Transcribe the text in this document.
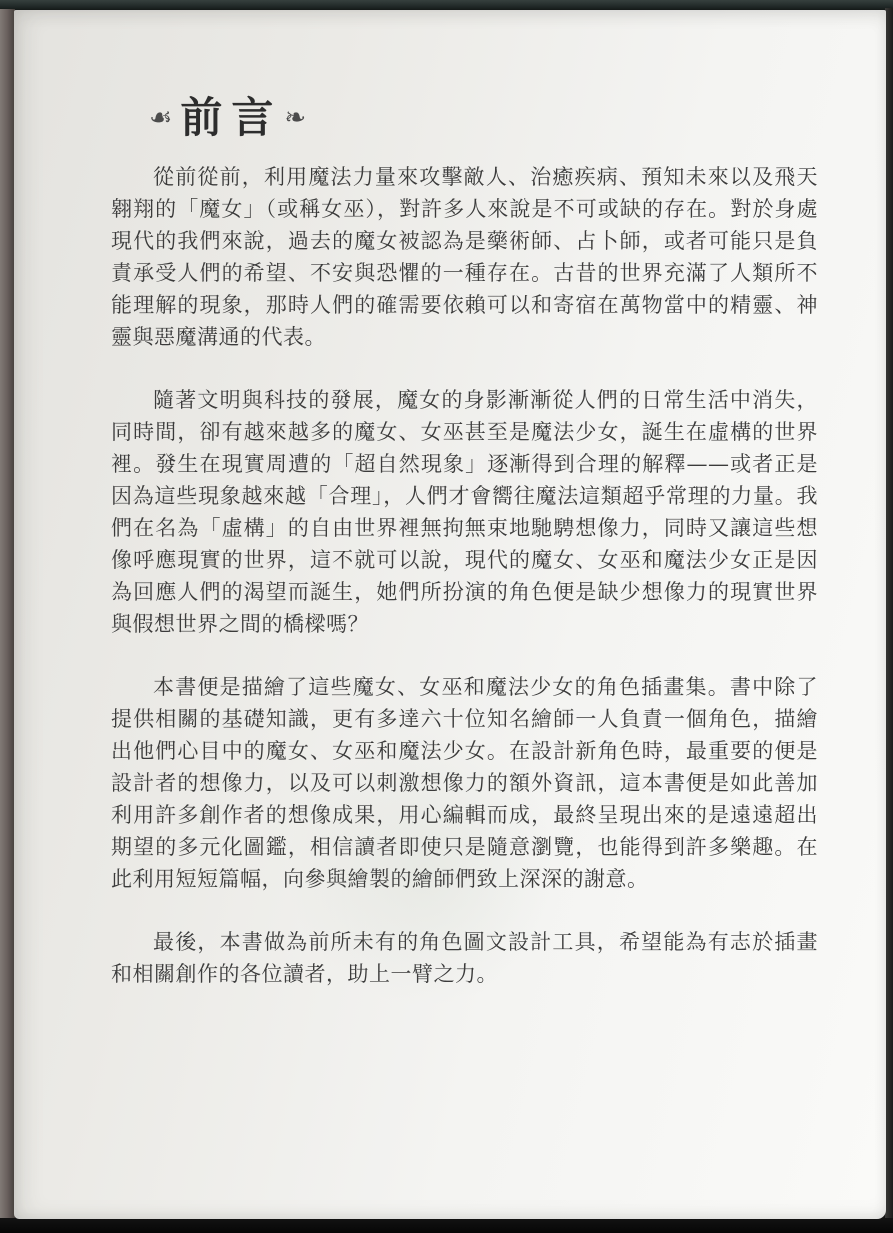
☙ 前言 ❧

從前從前，利用魔法力量來攻擊敵人、治癒疾病、預知未來以及飛天翱翔的「魔女」（或稱女巫），對許多人來說是不可或缺的存在。對於身處現代的我們來說，過去的魔女被認為是藥術師、占卜師，或者可能只是負責承受人們的希望、不安與恐懼的一種存在。古昔的世界充滿了人類所不能理解的現象，那時人們的確需要依賴可以和寄宿在萬物當中的精靈、神靈與惡魔溝通的代表。

隨著文明與科技的發展，魔女的身影漸漸從人們的日常生活中消失，同時間，卻有越來越多的魔女、女巫甚至是魔法少女，誕生在虛構的世界裡。發生在現實周遭的「超自然現象」逐漸得到合理的解釋——或者正是因為這些現象越來越「合理」，人們才會嚮往魔法這類超乎常理的力量。我們在名為「虛構」的自由世界裡無拘無束地馳騁想像力，同時又讓這些想像呼應現實的世界，這不就可以說，現代的魔女、女巫和魔法少女正是因為回應人們的渴望而誕生，她們所扮演的角色便是缺少想像力的現實世界與假想世界之間的橋樑嗎？

本書便是描繪了這些魔女、女巫和魔法少女的角色插畫集。書中除了提供相關的基礎知識，更有多達六十位知名繪師一人負責一個角色，描繪出他們心目中的魔女、女巫和魔法少女。在設計新角色時，最重要的便是設計者的想像力，以及可以刺激想像力的額外資訊，這本書便是如此善加利用許多創作者的想像成果，用心編輯而成，最終呈現出來的是遠遠超出期望的多元化圖鑑，相信讀者即使只是隨意瀏覽，也能得到許多樂趣。在此利用短短篇幅，向參與繪製的繪師們致上深深的謝意。

最後，本書做為前所未有的角色圖文設計工具，希望能為有志於插畫和相關創作的各位讀者，助上一臂之力。
